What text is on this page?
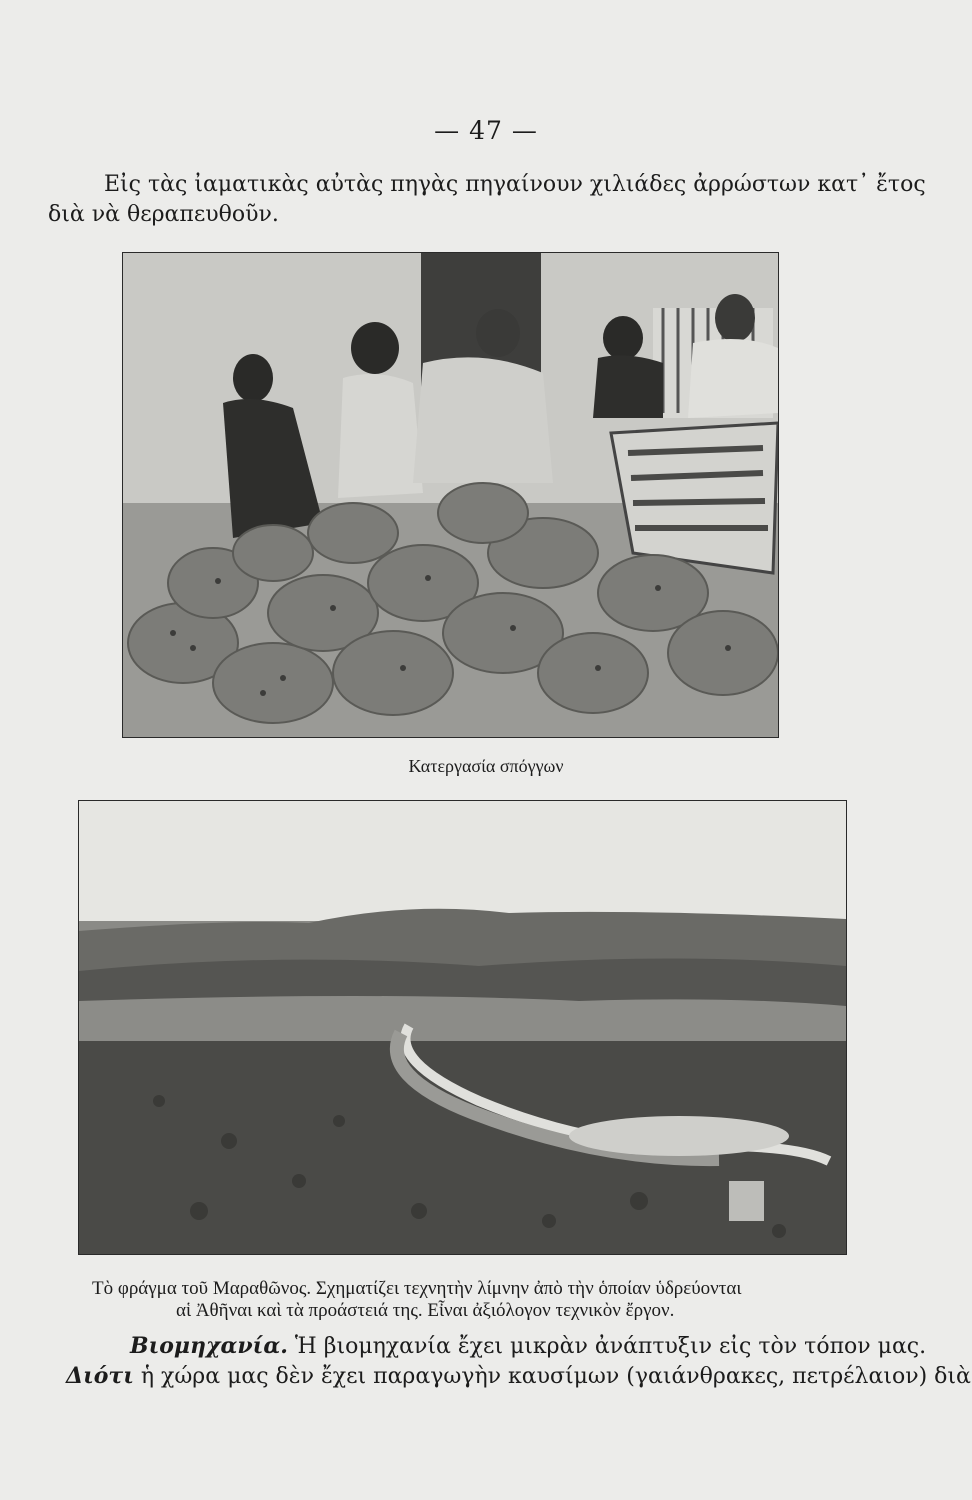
— 47 —
Εἰς τὰς ἰαματικὰς αὐτὰς πηγὰς πηγαίνουν χιλιάδες ἀρρώστων κατ᾽ ἔτος
διὰ νὰ θεραπευθοῦν.
Κατεργασία σπόγγων
Τὸ φράγμα τοῦ Μαραθῶνος. Σχηματίζει τεχνητὴν λίμνην ἀπὸ τὴν ὁποίαν ὑδρεύονται
αἱ Ἀθῆναι καὶ τὰ προάστειά της. Εἶναι ἀξιόλογον τεχνικὸν ἔργον.
Βιομηχανία. Ἡ βιομηχανία ἔχει μικρὰν ἀνάπτυξιν εἰς τὸν τόπον μας.
Διότι ἡ χώρα μας δὲν ἔχει παραγωγὴν καυσίμων (γαιάνθρακες, πετρέλαιον) διὰ
